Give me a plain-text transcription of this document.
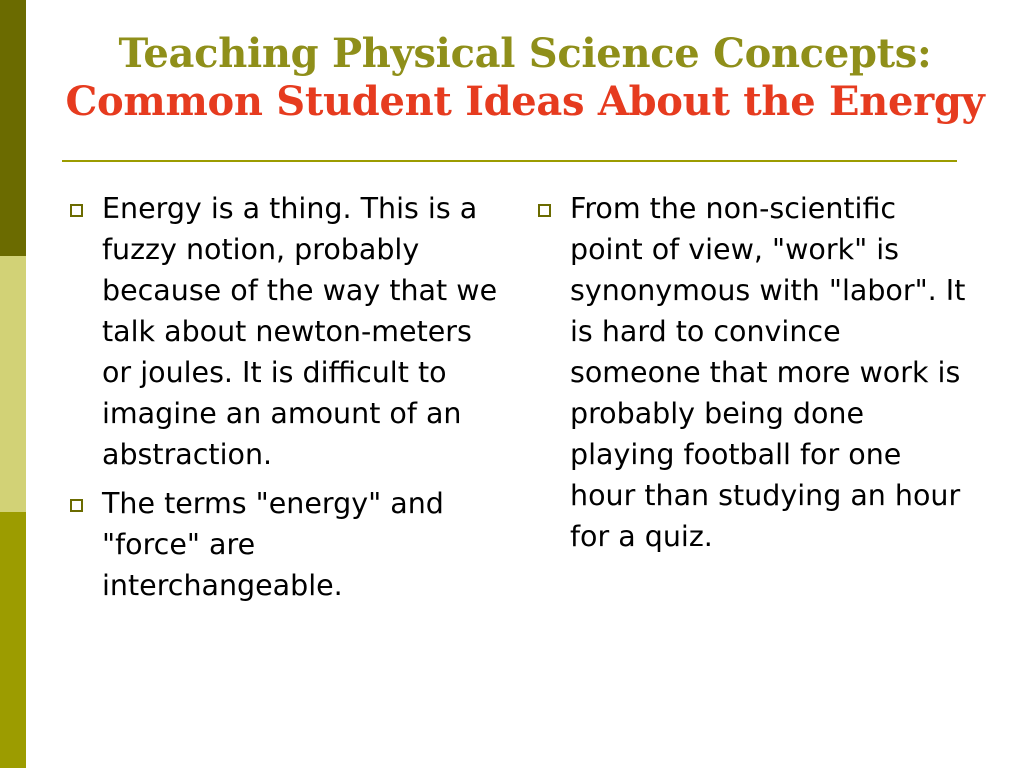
Teaching Physical Science Concepts:
Common Student Ideas About the Energy
Energy is a thing. This is a fuzzy notion, probably because of the way that we talk about newton-meters or joules. It is difficult to imagine an amount of an abstraction.
The terms "energy" and "force" are interchangeable.
From the non-scientific point of view, "work" is synonymous with "labor". It is hard to convince someone that more work is probably being done playing football for one hour than studying an hour for a quiz.
